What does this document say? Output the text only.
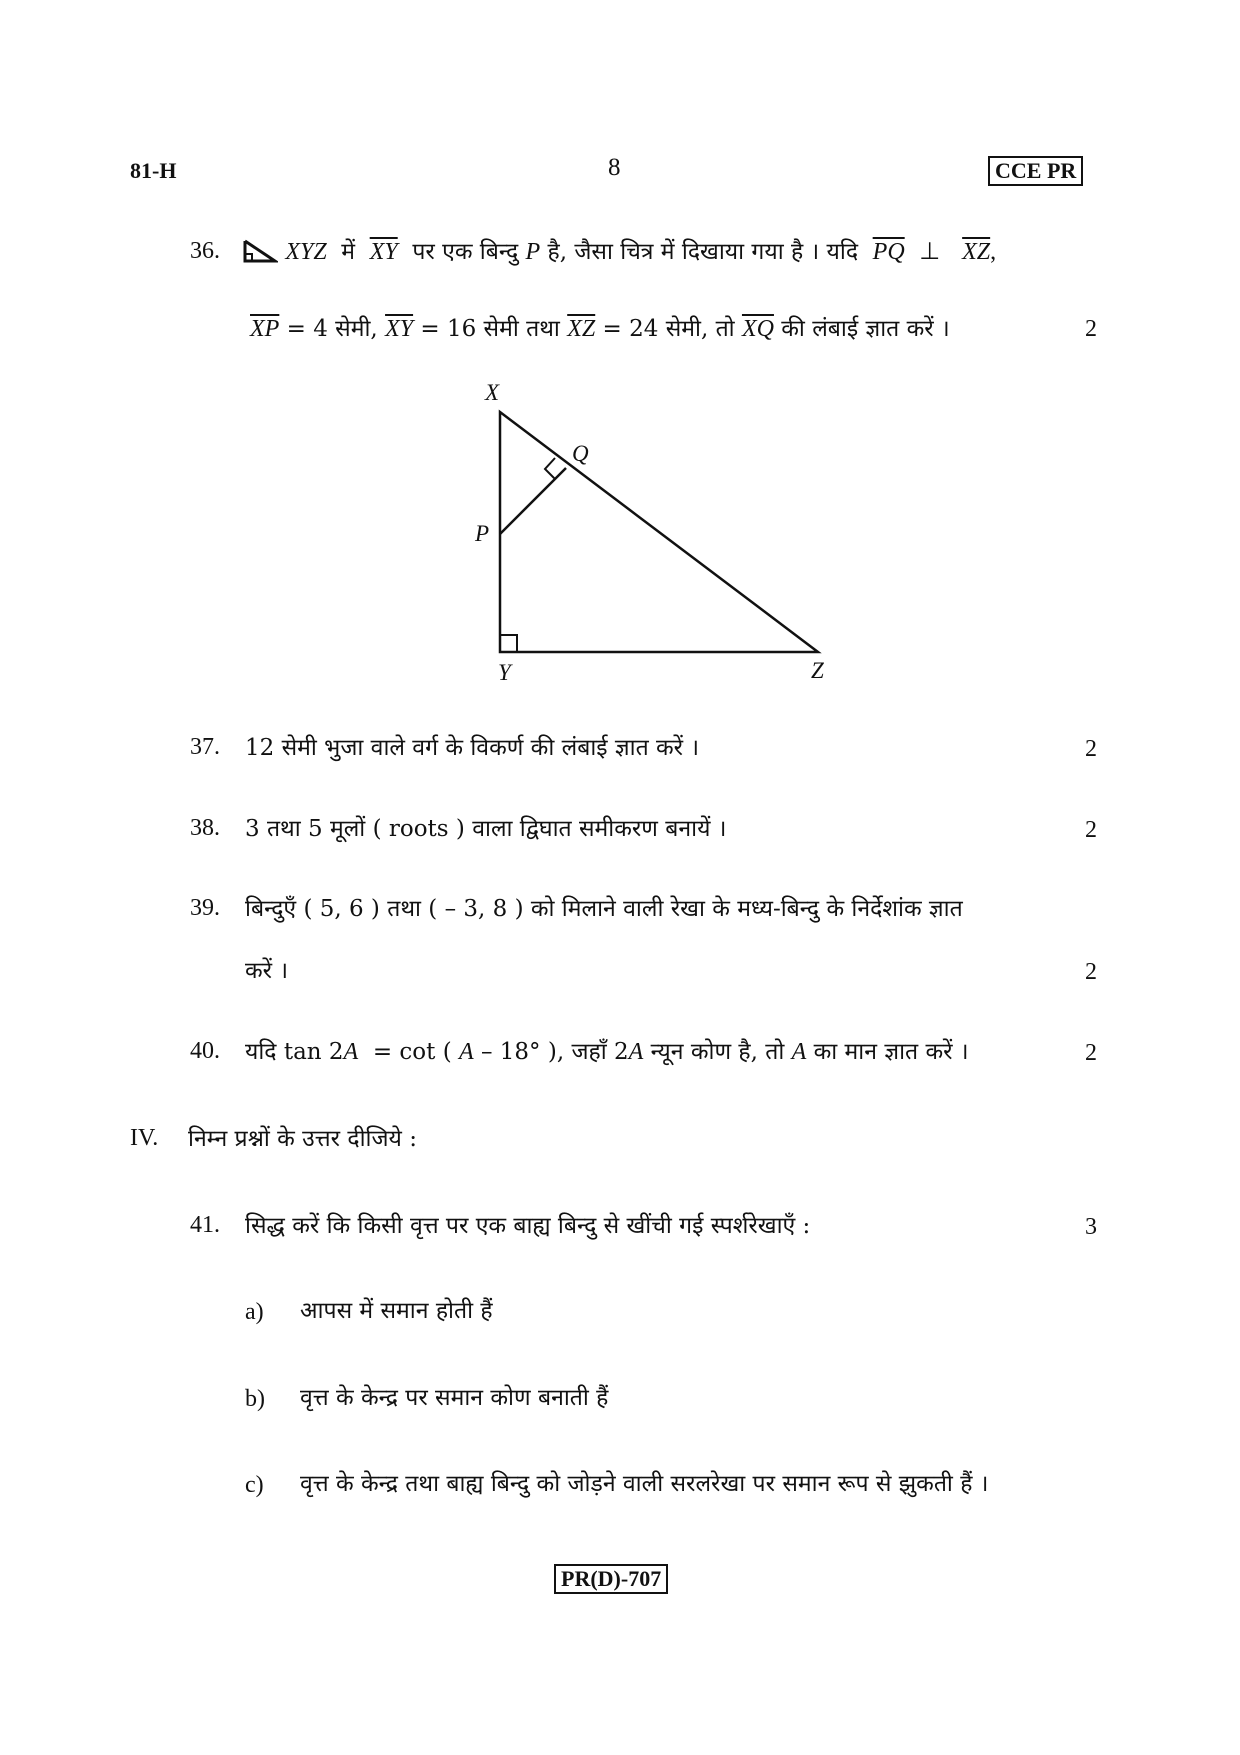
81-H	8	CCE PR
36.	XYZ में $\overline{XY}$ पर एक बिन्दु P है, जैसा चित्र में दिखाया गया है । यदि $\overline{PQ}$ ⊥ $\overline{XZ}$,
$\overline{XP} = 4$ सेमी, $\overline{XY} = 16$ सेमी तथा $\overline{XZ} = 24$ सेमी, तो $\overline{XQ}$ की लंबाई ज्ञात करें ।	2
X
Q
P
Y	Z
37. 12 सेमी भुजा वाले वर्ग के विकर्ण की लंबाई ज्ञात करें ।	2
38. 3 तथा 5 मूलों ( roots ) वाला द्विघात समीकरण बनायें ।	2
39. बिन्दुएँ ( 5, 6 ) तथा ( – 3, 8 ) को मिलाने वाली रेखा के मध्य-बिन्दु के निर्देशांक ज्ञात
करें ।	2
40. यदि tan 2A = cot ( A – 18° ), जहाँ 2A न्यून कोण है, तो A का मान ज्ञात करें ।	2
IV. निम्न प्रश्नों के उत्तर दीजिये :
41. सिद्ध करें कि किसी वृत्त पर एक बाह्य बिन्दु से खींची गई स्पर्शरेखाएँ :	3
a) आपस में समान होती हैं
b) वृत्त के केन्द्र पर समान कोण बनाती हैं
c) वृत्त के केन्द्र तथा बाह्य बिन्दु को जोड़ने वाली सरलरेखा पर समान रूप से झुकती हैं ।
PR(D)-707
